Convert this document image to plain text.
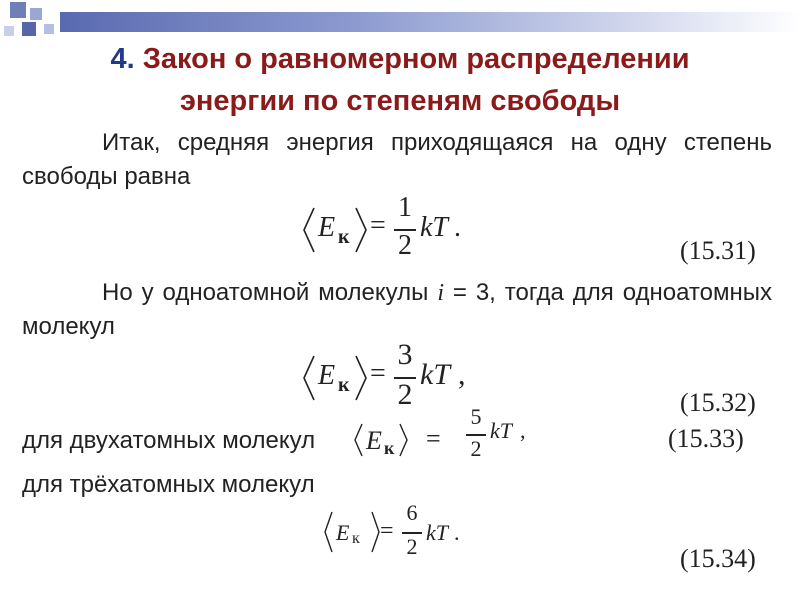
4. Закон о равномерном распределении
энергии по степеням свободы
Итак, средняя энергия приходящаяся на одну степень свободы равна
E к =
1
2
kT .
(15.31)
Но у одноатомной молекулы i = 3, тогда для одноатомных молекул
E к =
3
2
kT ,
(15.32)
для двухатомных молекул E к =
5
2
kT ,	(15.33)
для трёхатомных молекул
E к =
6
2
kT .
(15.34)
